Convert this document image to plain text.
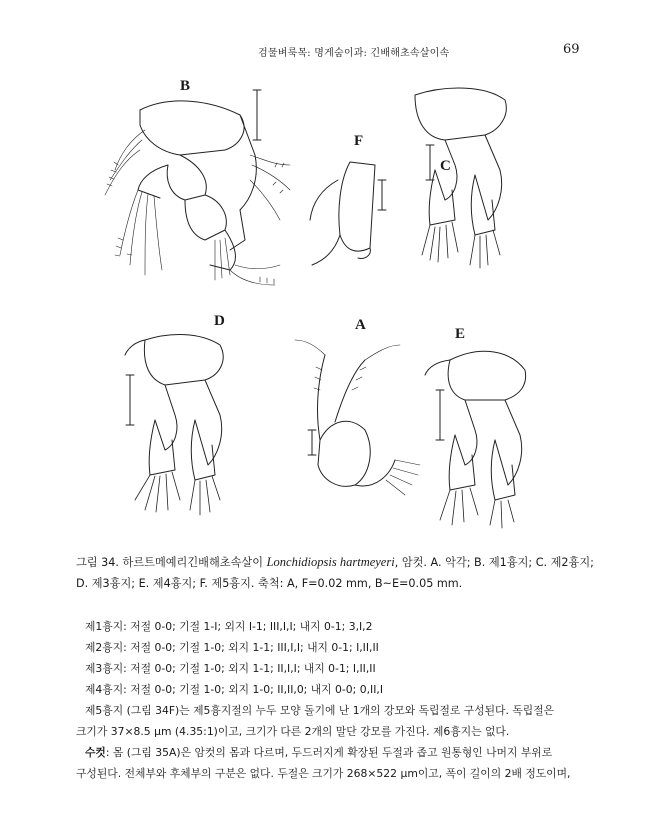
검물벼룩목: 명게숨이과: 긴배해초속살이속	69
B
F
C
D	A
E
그림 34. 하르트메예리긴배해초속살이 Lonchidiopsis hartmeyeri, 암컷. A. 악각; B. 제1흉지; C. 제2흉지;
D. 제3흉지; E. 제4흉지; F. 제5흉지. 축척: A, F=0.02 mm, B~E=0.05 mm.

제1흉지: 저절 0-0; 기절 1-I; 외지 I-1; III,I,I; 내지 0-1; 3,I,2

제2흉지: 저절 0-0; 기절 1-0; 외지 1-1; III,I,I; 내지 0-1; I,II,II

제3흉지: 저절 0-0; 기절 1-0; 외지 1-1; II,I,I; 내지 0-1; I,II,II

제4흉지: 저절 0-0; 기절 1-0; 외지 1-0; II,II,0; 내지 0-0; 0,II,I

제5흉지 (그림 34F)는 제5흉지절의 누두 모양 돌기에 난 1개의 강모와 독립절로 구성된다. 독립절은

크기가 37×8.5 μm (4.35:1)이고, 크기가 다른 2개의 말단 강모를 가진다. 제6흉지는 없다.

수컷: 몸 (그림 35A)은 암컷의 몸과 다르며, 두드러지게 확장된 두절과 좁고 원통형인 나머지 부위로

구성된다. 전체부와 후체부의 구분은 없다. 두절은 크기가 268×522 μm이고, 폭이 길이의 2배 정도이며,
